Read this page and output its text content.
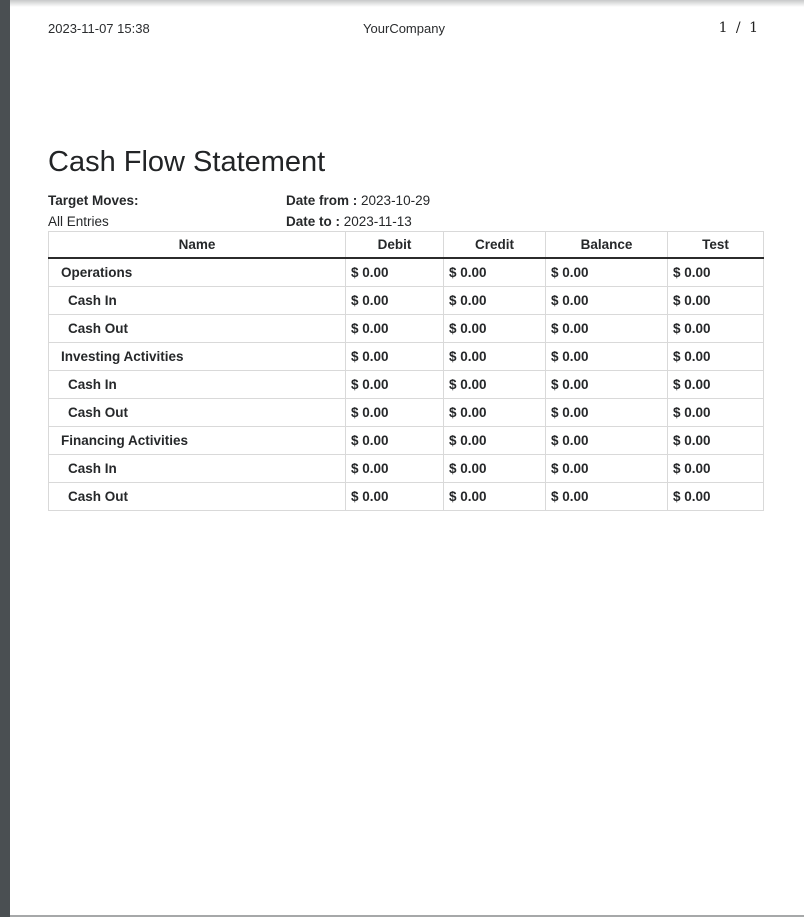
2023-11-07 15:38	YourCompany	1 / 1
Cash Flow Statement
Target Moves:
All Entries
Date from : 2023-10-29
Date to : 2023-11-13
Name	Debit	Credit	Balance	Test
Operations	$ 0.00	$ 0.00	$ 0.00	$ 0.00
Cash In	$ 0.00	$ 0.00	$ 0.00	$ 0.00
Cash Out	$ 0.00	$ 0.00	$ 0.00	$ 0.00
Investing Activities	$ 0.00	$ 0.00	$ 0.00	$ 0.00
Cash In	$ 0.00	$ 0.00	$ 0.00	$ 0.00
Cash Out	$ 0.00	$ 0.00	$ 0.00	$ 0.00
Financing Activities	$ 0.00	$ 0.00	$ 0.00	$ 0.00
Cash In	$ 0.00	$ 0.00	$ 0.00	$ 0.00
Cash Out	$ 0.00	$ 0.00	$ 0.00	$ 0.00
